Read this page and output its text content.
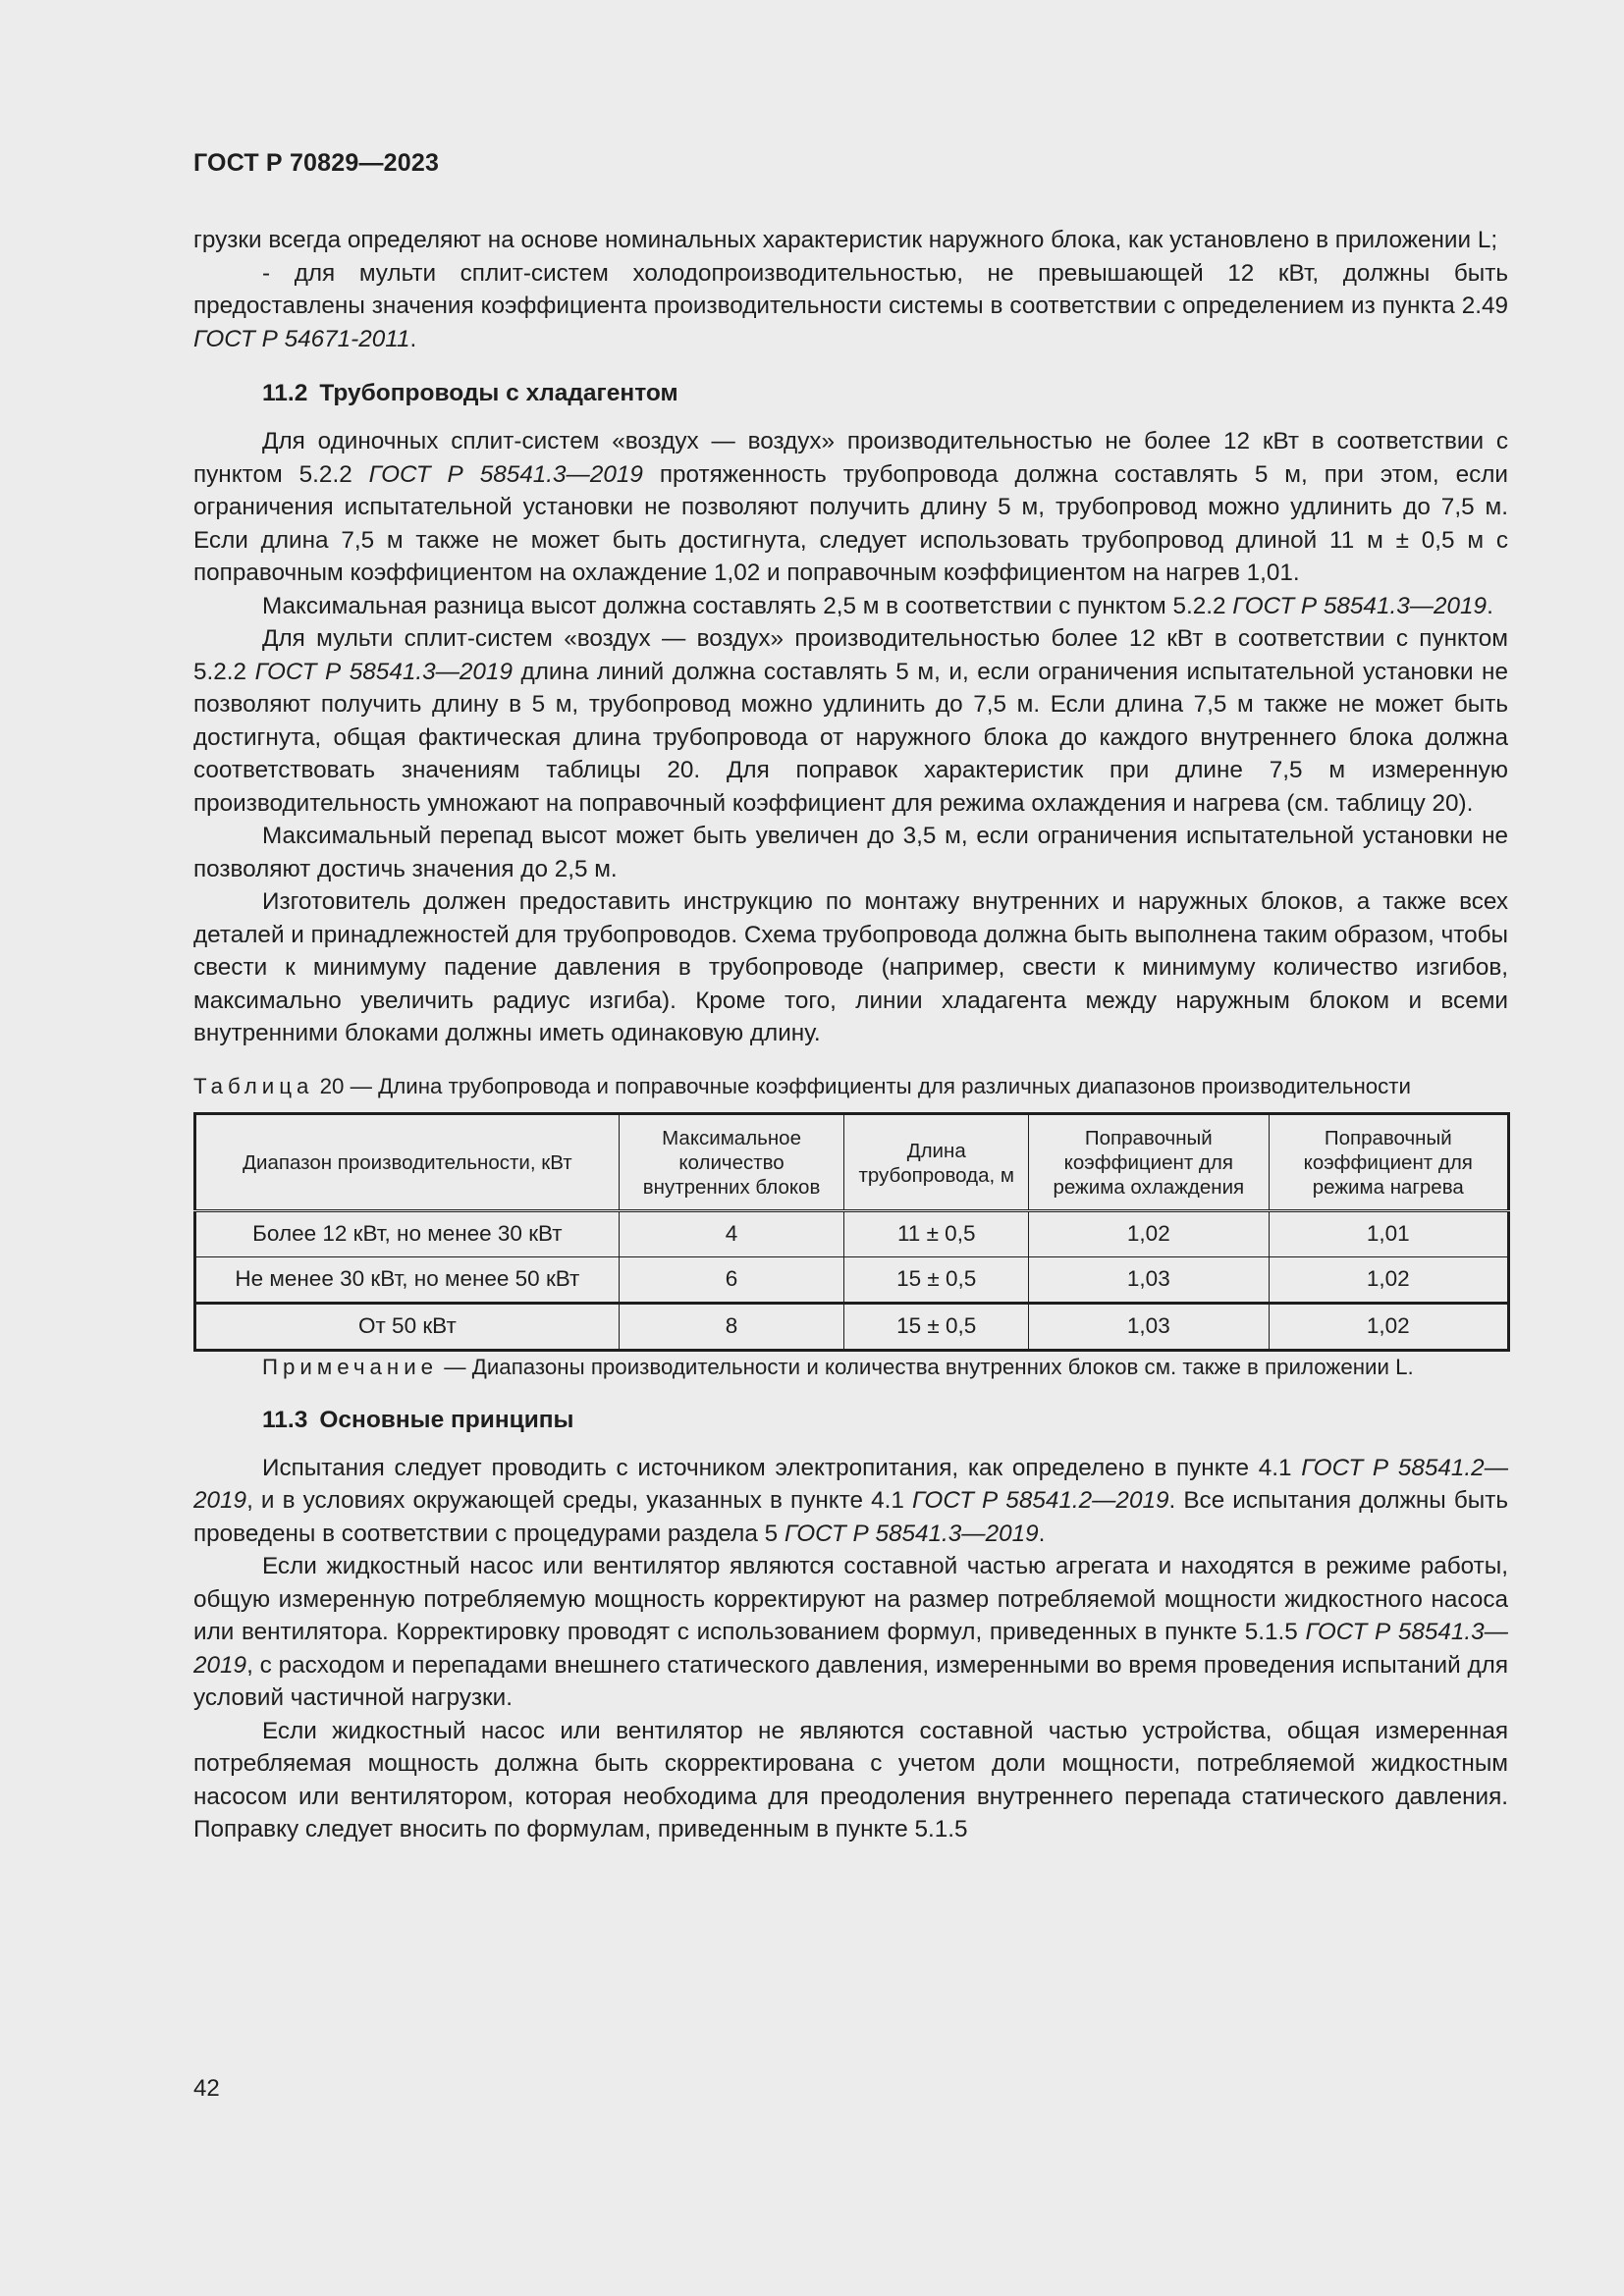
ГОСТ Р 70829—2023

грузки всегда определяют на основе номинальных характеристик наружного блока, как установлено в приложении L;

- для мульти сплит-систем холодопроизводительностью, не превышающей 12 кВт, должны быть предоставлены значения коэффициента производительности системы в соответствии с определением из пункта 2.49 ГОСТ Р 54671-2011.

11.2 Трубопроводы с хладагентом

Для одиночных сплит-систем «воздух — воздух» производительностью не более 12 кВт в соответствии с пунктом 5.2.2 ГОСТ Р 58541.3—2019 протяженность трубопровода должна составлять 5 м, при этом, если ограничения испытательной установки не позволяют получить длину 5 м, трубопровод можно удлинить до 7,5 м. Если длина 7,5 м также не может быть достигнута, следует использовать трубопровод длиной 11 м ± 0,5 м с поправочным коэффициентом на охлаждение 1,02 и поправочным коэффициентом на нагрев 1,01.

Максимальная разница высот должна составлять 2,5 м в соответствии с пунктом 5.2.2 ГОСТ Р 58541.3—2019.

Для мульти сплит-систем «воздух — воздух» производительностью более 12 кВт в соответствии с пунктом 5.2.2 ГОСТ Р 58541.3—2019 длина линий должна составлять 5 м, и, если ограничения испытательной установки не позволяют получить длину в 5 м, трубопровод можно удлинить до 7,5 м. Если длина 7,5 м также не может быть достигнута, общая фактическая длина трубопровода от наружного блока до каждого внутреннего блока должна соответствовать значениям таблицы 20. Для поправок характеристик при длине 7,5 м измеренную производительность умножают на поправочный коэффициент для режима охлаждения и нагрева (см. таблицу 20).

Максимальный перепад высот может быть увеличен до 3,5 м, если ограничения испытательной установки не позволяют достичь значения до 2,5 м.

Изготовитель должен предоставить инструкцию по монтажу внутренних и наружных блоков, а также всех деталей и принадлежностей для трубопроводов. Схема трубопровода должна быть выполнена таким образом, чтобы свести к минимуму падение давления в трубопроводе (например, свести к минимуму количество изгибов, максимально увеличить радиус изгиба). Кроме того, линии хладагента между наружным блоком и всеми внутренними блоками должны иметь одинаковую длину.

Таблица 20 — Длина трубопровода и поправочные коэффициенты для различных диапазонов производительности
Диапазон производительности, кВт	Максимальное количество внутренних блоков	Длина трубопровода, м	Поправочный коэффициент для режима охлаждения	Поправочный коэффициент для режима нагрева
Более 12 кВт, но менее 30 кВт	4	11 ± 0,5	1,02	1,01
Не менее 30 кВт, но менее 50 кВт	6	15 ± 0,5	1,03	1,02
От 50 кВт	8	15 ± 0,5	1,03	1,02

Примечание — Диапазоны производительности и количества внутренних блоков см. также в приложении L.

11.3 Основные принципы

Испытания следует проводить с источником электропитания, как определено в пункте 4.1 ГОСТ Р 58541.2—2019, и в условиях окружающей среды, указанных в пункте 4.1 ГОСТ Р 58541.2—2019. Все испытания должны быть проведены в соответствии с процедурами раздела 5 ГОСТ Р 58541.3—2019.

Если жидкостный насос или вентилятор являются составной частью агрегата и находятся в режиме работы, общую измеренную потребляемую мощность корректируют на размер потребляемой мощности жидкостного насоса или вентилятора. Корректировку проводят с использованием формул, приведенных в пункте 5.1.5 ГОСТ Р 58541.3—2019, с расходом и перепадами внешнего статического давления, измеренными во время проведения испытаний для условий частичной нагрузки.

Если жидкостный насос или вентилятор не являются составной частью устройства, общая измеренная потребляемая мощность должна быть скорректирована с учетом доли мощности, потребляемой жидкостным насосом или вентилятором, которая необходима для преодоления внутреннего перепада статического давления. Поправку следует вносить по формулам, приведенным в пункте 5.1.5

42
